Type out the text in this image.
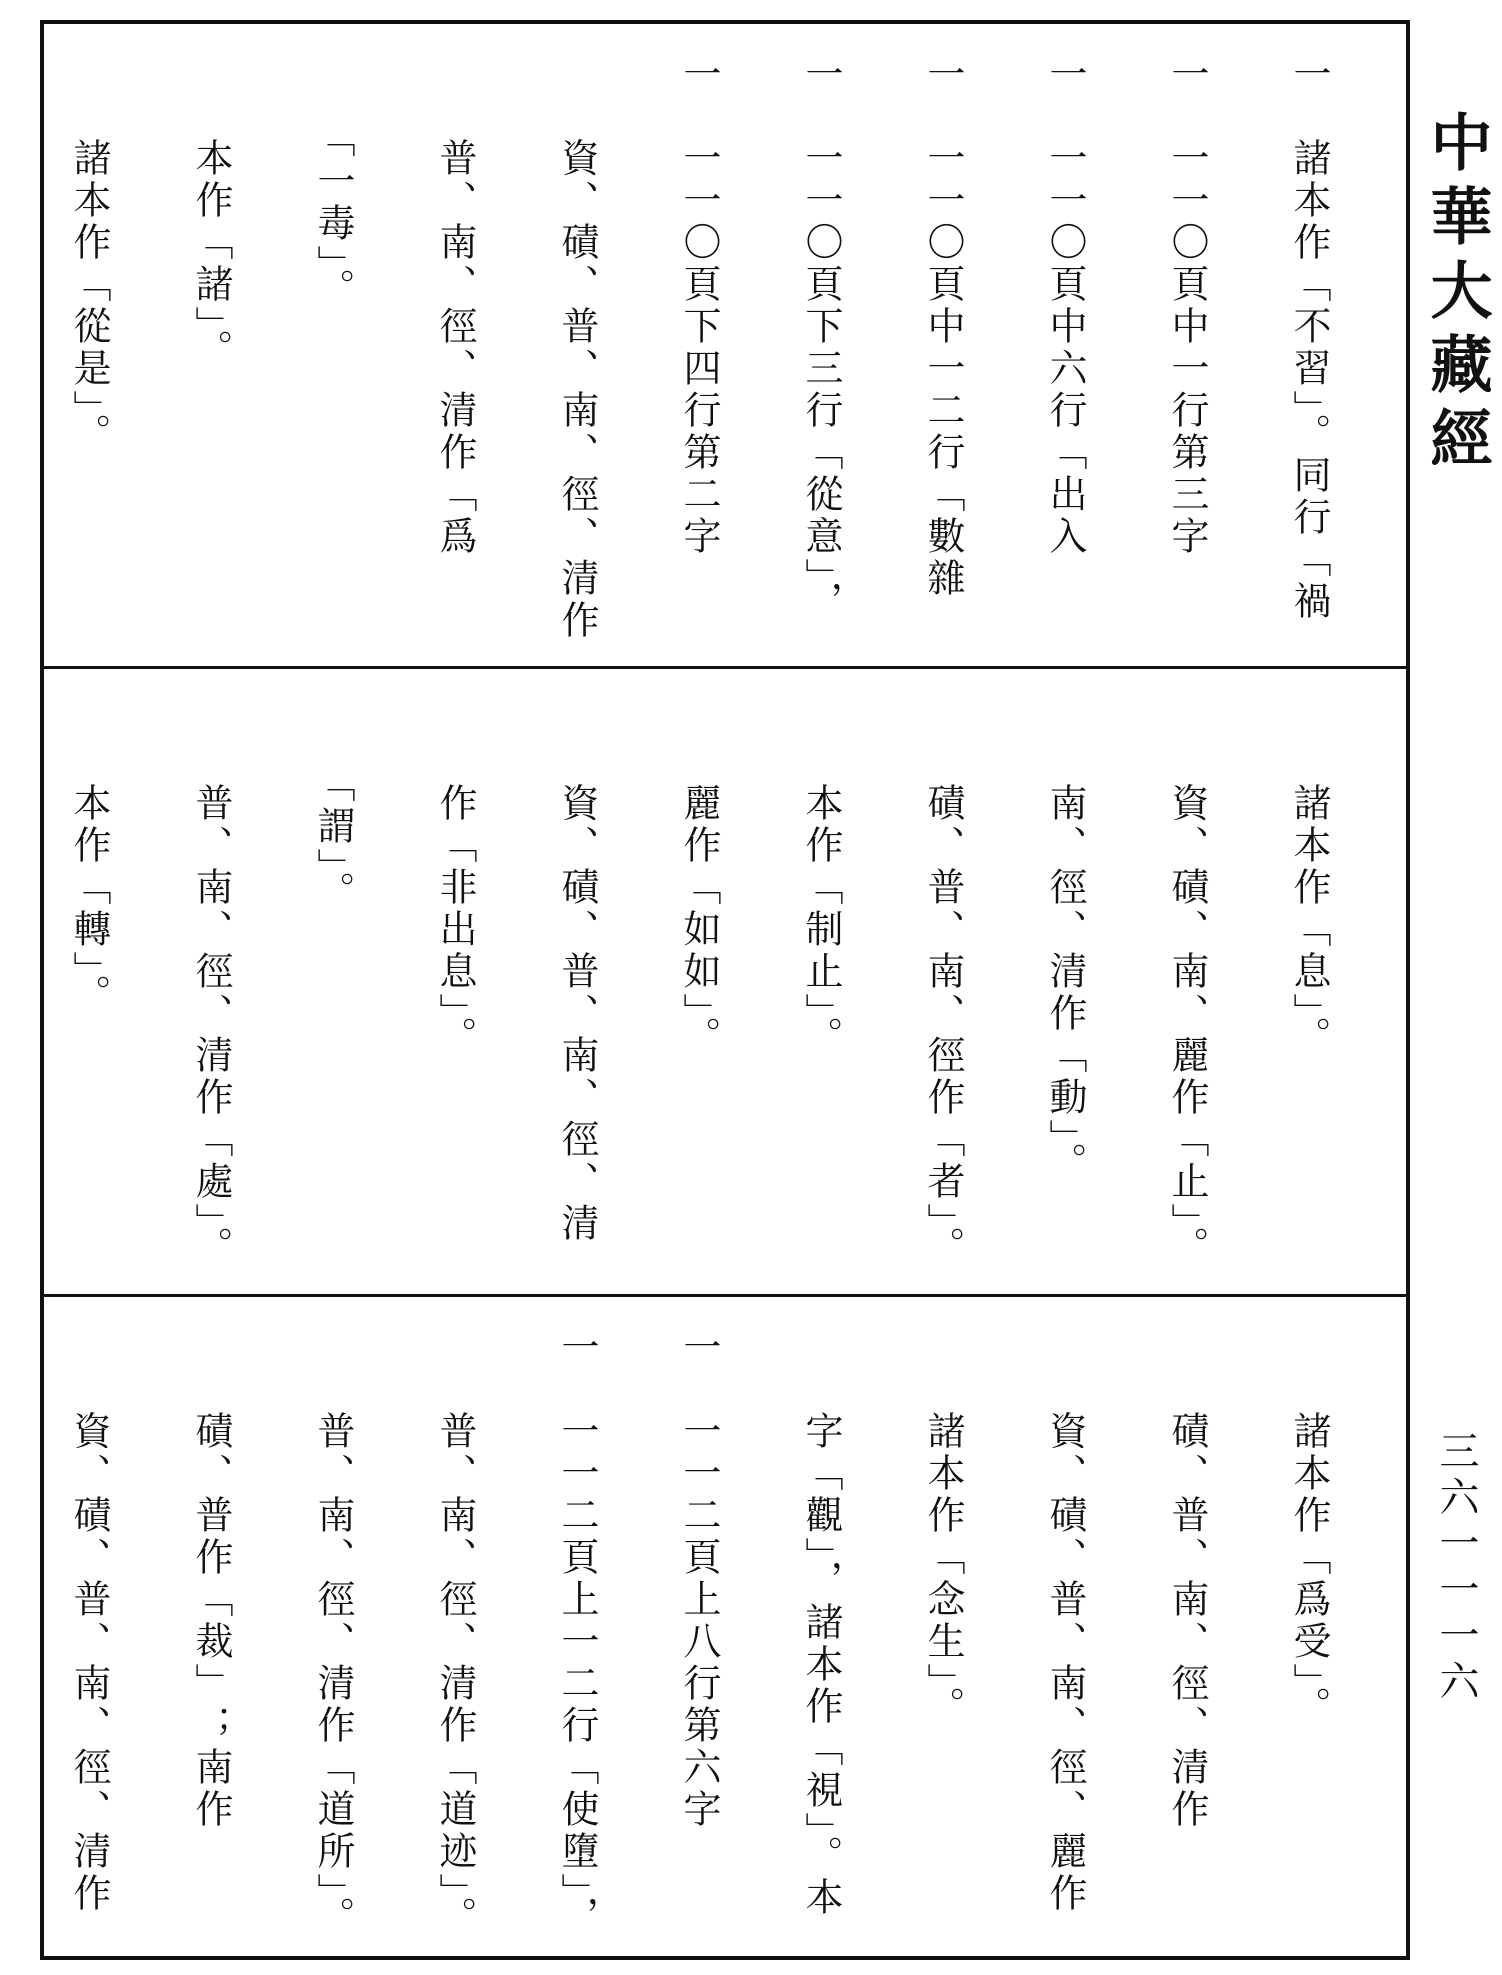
一　諸本作「不習」。同行「禍

一　一一〇頁中一行第三字

一　一一〇頁中六行「出入

一　一一〇頁中一二行「數雜

一　一一〇頁下三行「從意」，

一　一一〇頁下四行第二字

　　資、磧、普、南、徑、清作

　　普、南、徑、清作「爲

　　「一毒」。

　　本作「諸」。

　　諸本作「從是」。

　　諸本作「息」。

　　資、磧、南、麗作「止」。

　　南、徑、清作「動」。

　　磧、普、南、徑作「者」。

　　本作「制止」。

　　麗作「如如」。

　　資、磧、普、南、徑、清

　　作「非出息」。

　　「謂」。

　　普、南、徑、清作「處」。

　　本作「轉」。

　　諸本作「爲受」。

　　磧、普、南、徑、清作

　　資、磧、普、南、徑、麗作

　　諸本作「念生」。

　　字「觀」，諸本作「視」。本

一　一一二頁上八行第六字

一　一一二頁上一二行「使墮」，

　　普、南、徑、清作「道迹」。

　　普、南、徑、清作「道所」。

　　磧、普作「裁」；南作

　　資、磧、普、南、徑、清作

中華大藏經
三六一一一六
